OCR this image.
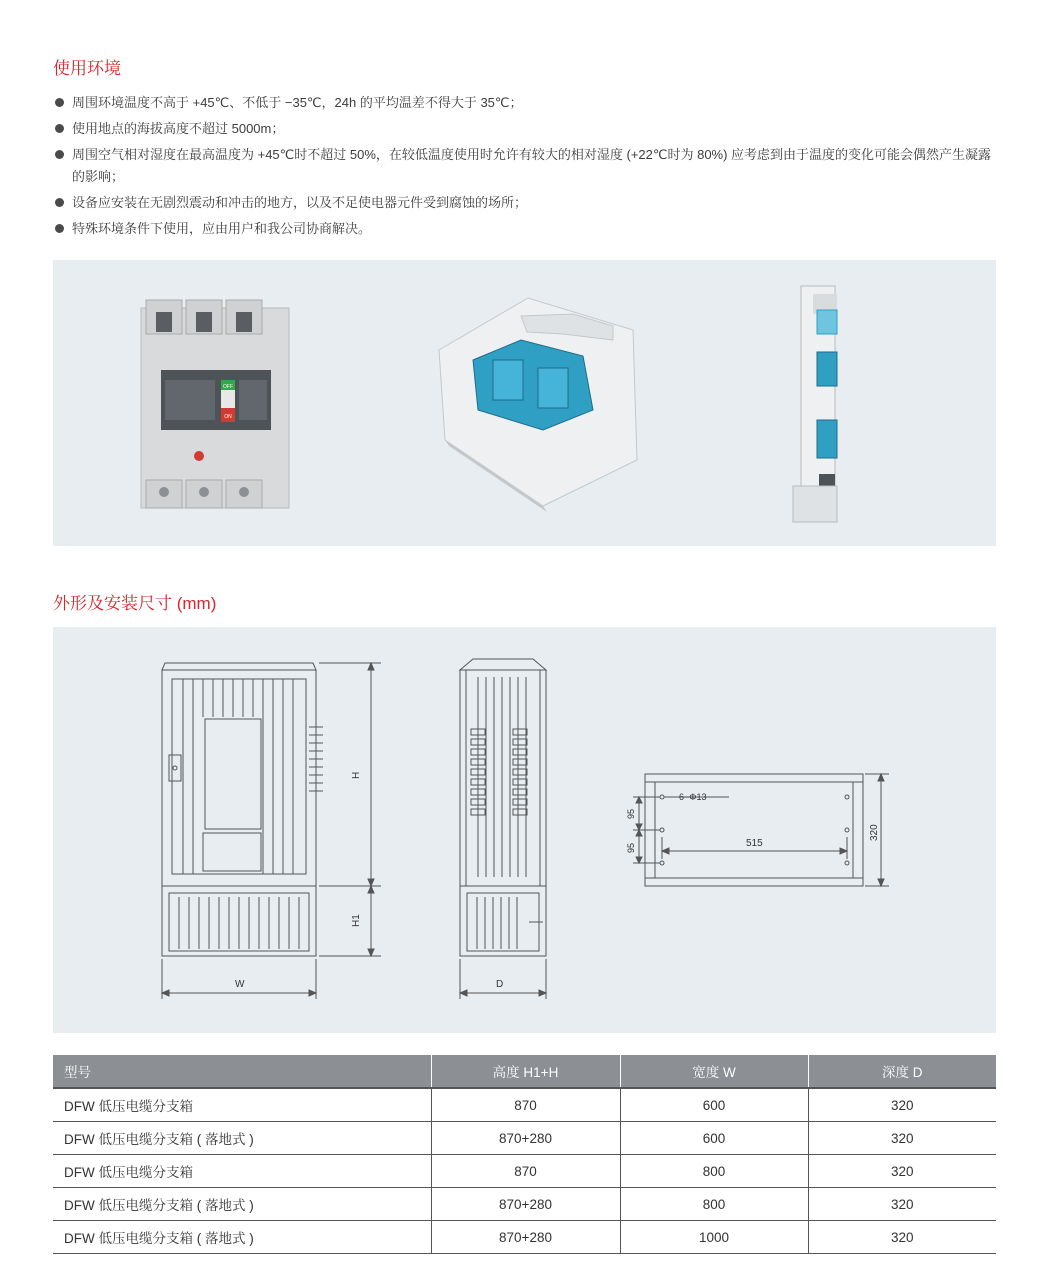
使用环境
周围环境温度不高于 +45℃、不低于 −35℃，24h 的平均温差不得大于 35℃；
使用地点的海拔高度不超过 5000m；
周围空气相对湿度在最高温度为 +45℃时不超过 50%，在较低温度使用时允许有较大的相对湿度 (+22℃时为 80%) 应考虑到由于温度的变化可能会偶然产生凝露的影响；
设备应安装在无剧烈震动和冲击的地方，以及不足使电器元件受到腐蚀的场所；
特殊环境条件下使用，应由用户和我公司协商解决。
OFF
ON
外形及安装尺寸 (mm)
H
H1
W	D
6−Φ13
95
95	515
320
型号	高度 H1+H	宽度 W	深度 D
DFW 低压电缆分支箱	870	600	320
DFW 低压电缆分支箱 ( 落地式 )	870+280	600	320
DFW 低压电缆分支箱	870	800	320
DFW 低压电缆分支箱 ( 落地式 )	870+280	800	320
DFW 低压电缆分支箱 ( 落地式 )	870+280	1000	320
